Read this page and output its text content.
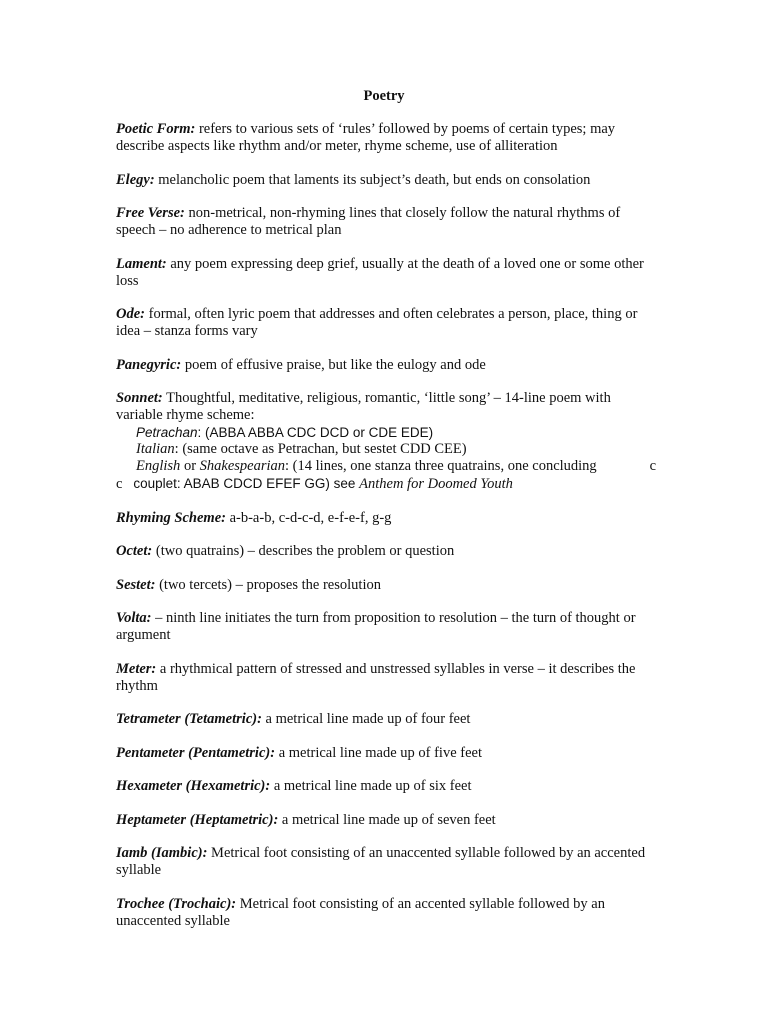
Poetry
Poetic Form: refers to various sets of ‘rules’ followed by poems of certain types; may describe aspects like rhythm and/or meter, rhyme scheme, use of alliteration
Elegy: melancholic poem that laments its subject’s death, but ends on consolation
Free Verse: non-metrical, non-rhyming lines that closely follow the natural rhythms of speech – no adherence to metrical plan
Lament: any poem expressing deep grief, usually at the death of a loved one or some other loss
Ode: formal, often lyric poem that addresses and often celebrates a person, place, thing or idea – stanza forms vary
Panegyric: poem of effusive praise, but like the eulogy and ode
Sonnet: Thoughtful, meditative, religious, romantic, ‘little song’ – 14-line poem with variable rhyme scheme:
Petrachan: (ABBA ABBA CDC DCD or CDE EDE)
Italian: (same octave as Petrachan, but sestet CDD CEE)
c
English or Shakespearian: (14 lines, one stanza three quatrains, one concluding
c couplet: ABAB CDCD EFEF GG) see Anthem for Doomed Youth
Rhyming Scheme: a-b-a-b, c-d-c-d, e-f-e-f, g-g
Octet: (two quatrains) – describes the problem or question
Sestet: (two tercets) – proposes the resolution
Volta: – ninth line initiates the turn from proposition to resolution – the turn of thought or argument
Meter: a rhythmical pattern of stressed and unstressed syllables in verse – it describes the rhythm
Tetrameter (Tetametric): a metrical line made up of four feet
Pentameter (Pentametric): a metrical line made up of five feet
Hexameter (Hexametric): a metrical line made up of six feet
Heptameter (Heptametric): a metrical line made up of seven feet
Iamb (Iambic): Metrical foot consisting of an unaccented syllable followed by an accented syllable
Trochee (Trochaic): Metrical foot consisting of an accented syllable followed by an unaccented syllable
